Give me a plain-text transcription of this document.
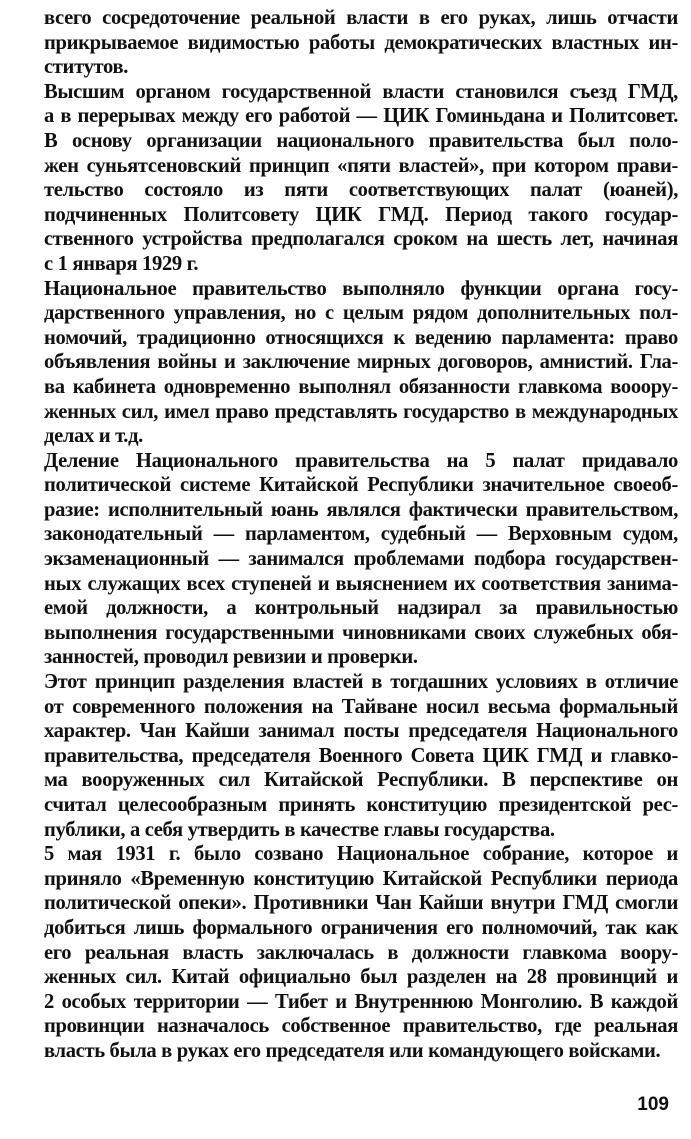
всего сосредоточение реальной власти в его руках, лишь отчасти
прикрываемое видимостью работы демократических властных ин-
ститутов.
Высшим органом государственной власти становился съезд ГМД,
а в перерывах между его работой — ЦИК Гоминьдана и Политсовет.
В основу организации национального правительства был поло-
жен суньятсеновский принцип «пяти властей», при котором прави-
тельство состояло из пяти соответствующих палат (юаней),
подчиненных Политсовету ЦИК ГМД. Период такого государ-
ственного устройства предполагался сроком на шесть лет, начиная
с 1 января 1929 г.
Национальное правительство выполняло функции органа госу-
дарственного управления, но с целым рядом дополнительных пол-
номочий, традиционно относящихся к ведению парламента: право
объявления войны и заключение мирных договоров, амнистий. Гла-
ва кабинета одновременно выполнял обязанности главкома вооору-
женных сил, имел право представлять государство в международных
делах и т.д.
Деление Национального правительства на 5 палат придавало
политической системе Китайской Республики значительное своеоб-
разие: исполнительный юань являлся фактически правительством,
законодательный — парламентом, судебный — Верховным судом,
экзаменационный — занимался проблемами подбора государствен-
ных служащих всех ступеней и выяснением их соответствия занима-
емой должности, а контрольный надзирал за правильностью
выполнения государственными чиновниками своих служебных обя-
занностей, проводил ревизии и проверки.
Этот принцип разделения властей в тогдашних условиях в отличие
от современного положения на Тайване носил весьма формальный
характер. Чан Кайши занимал посты председателя Национального
правительства, председателя Военного Совета ЦИК ГМД и главко-
ма вооруженных сил Китайской Республики. В перспективе он
считал целесообразным принять конституцию президентской рес-
публики, а себя утвердить в качестве главы государства.
5 мая 1931 г. было созвано Национальное собрание, которое и
приняло «Временную конституцию Китайской Республики периода
политической опеки». Противники Чан Кайши внутри ГМД смогли
добиться лишь формального ограничения его полномочий, так как
его реальная власть заключалась в должности главкома воору-
женных сил. Китай официально был разделен на 28 провинций и
2 особых территории — Тибет и Внутреннюю Монголию. В каждой
провинции назначалось собственное правительство, где реальная
власть была в руках его председателя или командующего войсками.
109
